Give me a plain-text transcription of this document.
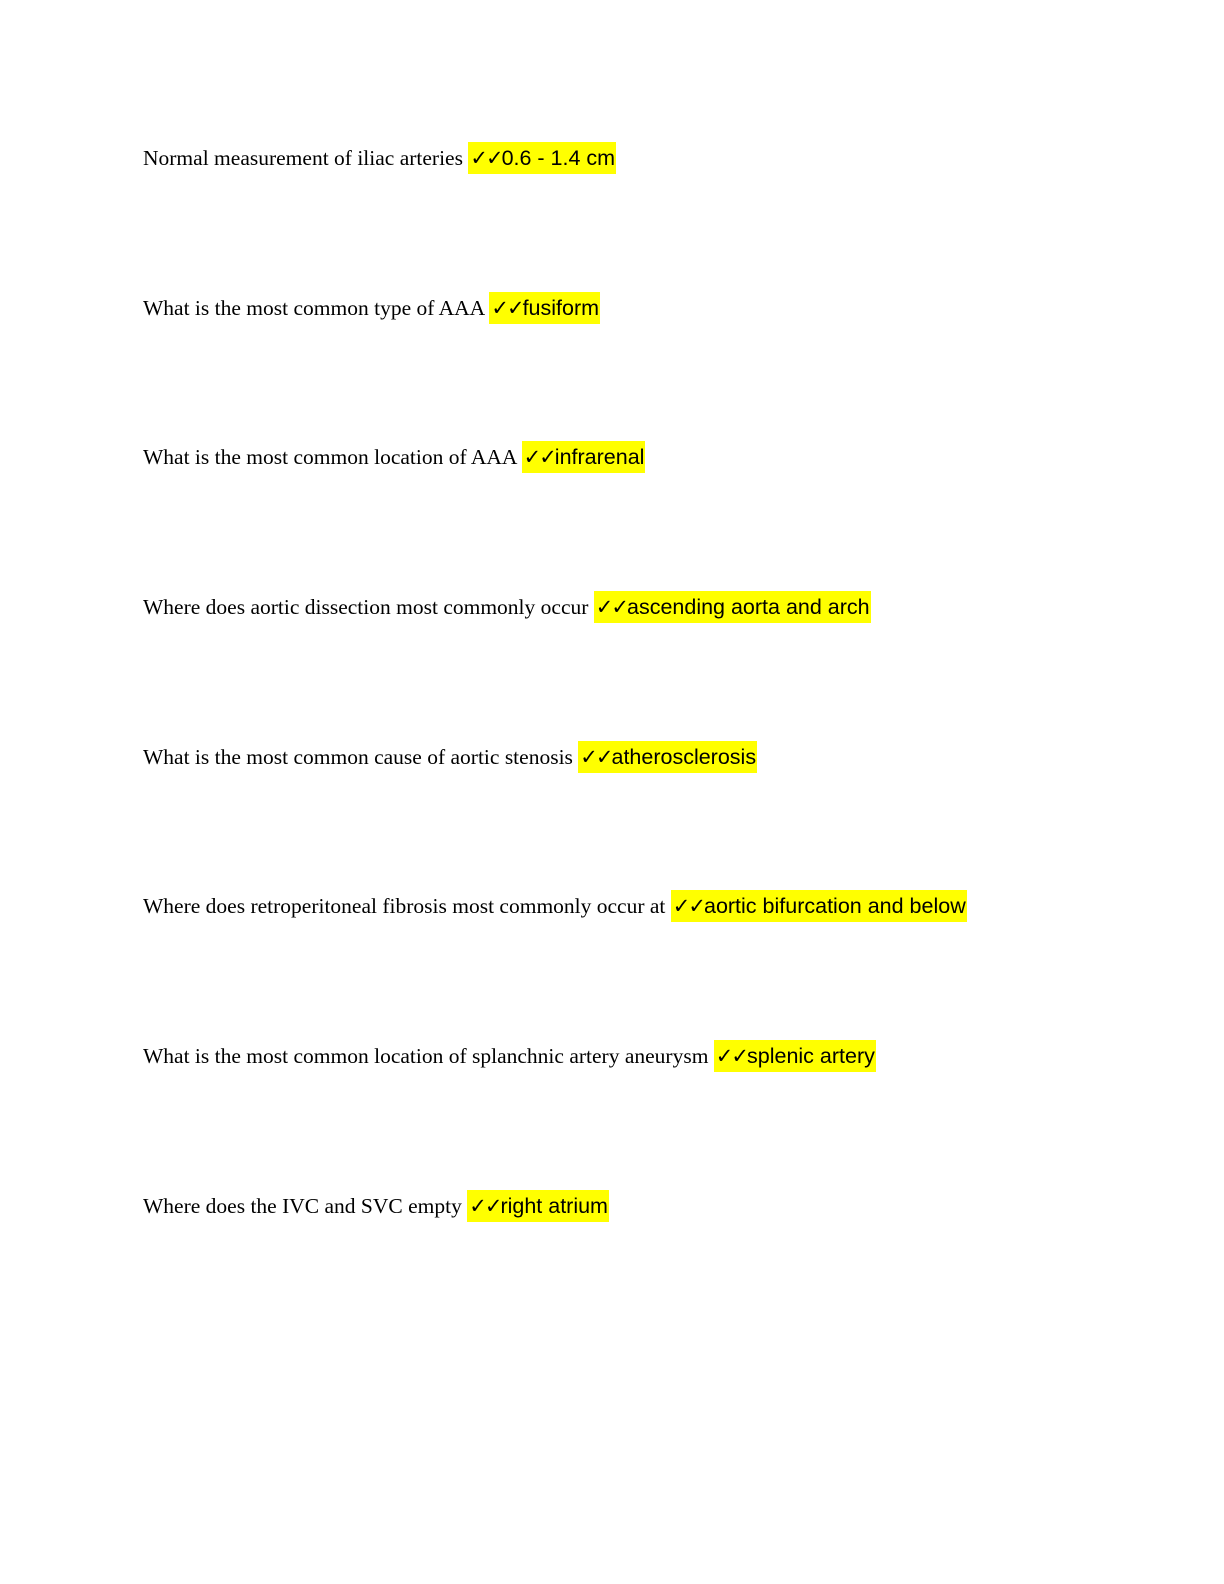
Normal measurement of iliac arteries ✓✓0.6 - 1.4 cm
What is the most common type of AAA ✓✓fusiform
What is the most common location of AAA ✓✓infrarenal
Where does aortic dissection most commonly occur ✓✓ascending aorta and arch
What is the most common cause of aortic stenosis ✓✓atherosclerosis
Where does retroperitoneal fibrosis most commonly occur at ✓✓aortic bifurcation and below
What is the most common location of splanchnic artery aneurysm ✓✓splenic artery
Where does the IVC and SVC empty ✓✓right atrium
